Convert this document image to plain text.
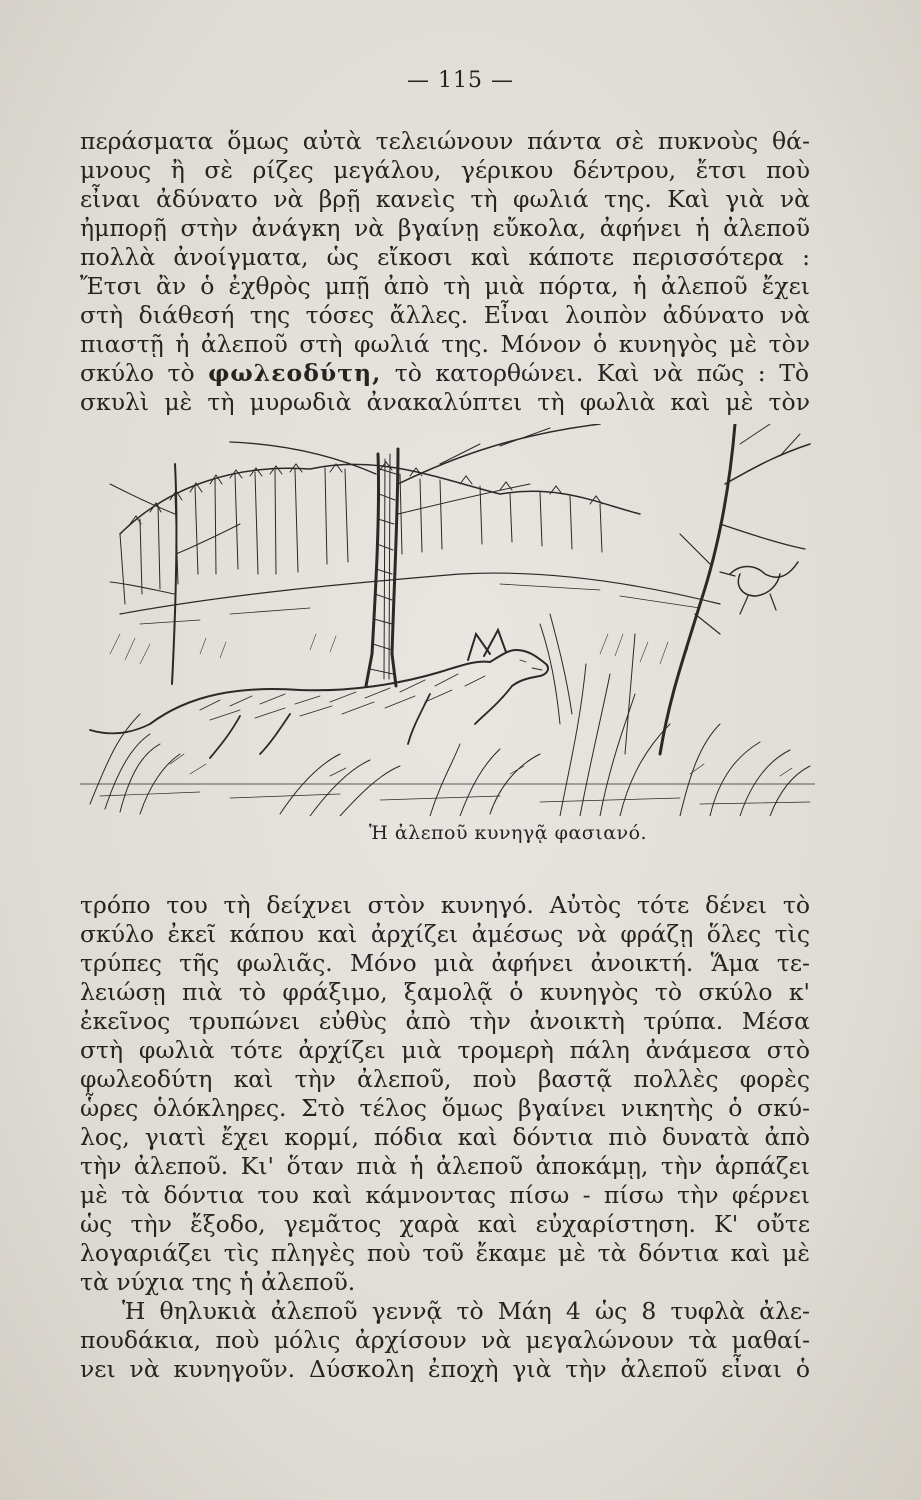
— 115 —
περάσματα ὅμως αὐτὰ τελειώνουν πάντα σὲ πυκνοὺς θά-
μνους ἢ σὲ ρίζες μεγάλου, γέρικου δέντρου, ἔτσι ποὺ
εἶναι ἀδύνατο νὰ βρῇ κανεὶς τὴ φωλιά της. Καὶ γιὰ νὰ
ἠμπορῇ στὴν ἀνάγκη νὰ βγαίνῃ εὔκολα, ἀφήνει ἡ ἀλεποῦ
πολλὰ ἀνοίγματα, ὡς εἴκοσι καὶ κάποτε περισσότερα :
Ἔτσι ἂν ὁ ἐχθρὸς μπῇ ἀπὸ τὴ μιὰ πόρτα, ἡ ἀλεποῦ ἔχει
στὴ διάθεσή της τόσες ἄλλες. Εἶναι λοιπὸν ἀδύνατο νὰ
πιαστῇ ἡ ἀλεποῦ στὴ φωλιά της. Μόνον ὁ κυνηγὸς μὲ τὸν
σκύλο τὸ φωλεοδύτη, τὸ κατορθώνει. Καὶ νὰ πῶς : Τὸ
σκυλὶ μὲ τὴ μυρωδιὰ ἀνακαλύπτει τὴ φωλιὰ καὶ μὲ τὸν
Ἡ ἀλεποῦ κυνηγᾷ φασιανό.
τρόπο του τὴ δείχνει στὸν κυνηγό. Αὐτὸς τότε δένει τὸ
σκύλο ἐκεῖ κάπου καὶ ἀρχίζει ἀμέσως νὰ φράζῃ ὅλες τὶς
τρύπες τῆς φωλιᾶς. Μόνο μιὰ ἀφήνει ἀνοικτή. Ἅμα τε-
λειώσῃ πιὰ τὸ φράξιμο, ξαμολᾷ ὁ κυνηγὸς τὸ σκύλο κ'
ἐκεῖνος τρυπώνει εὐθὺς ἀπὸ τὴν ἀνοικτὴ τρύπα. Μέσα
στὴ φωλιὰ τότε ἀρχίζει μιὰ τρομερὴ πάλη ἀνάμεσα στὸ
φωλεοδύτη καὶ τὴν ἀλεποῦ, ποὺ βαστᾷ πολλὲς φορὲς
ὧρες ὁλόκληρες. Στὸ τέλος ὅμως βγαίνει νικητὴς ὁ σκύ-
λος, γιατὶ ἔχει κορμί, πόδια καὶ δόντια πιὸ δυνατὰ ἀπὸ
τὴν ἀλεποῦ. Κι' ὅταν πιὰ ἡ ἀλεποῦ ἀποκάμῃ, τὴν ἁρπάζει
μὲ τὰ δόντια του καὶ κάμνοντας πίσω - πίσω τὴν φέρνει
ὡς τὴν ἔξοδο, γεμᾶτος χαρὰ καὶ εὐχαρίστηση. Κ' οὔτε
λογαριάζει τὶς πληγὲς ποὺ τοῦ ἔκαμε μὲ τὰ δόντια καὶ μὲ
τὰ νύχια της ἡ ἀλεποῦ.
Ἡ θηλυκιὰ ἀλεποῦ γεννᾷ τὸ Μάη 4 ὡς 8 τυφλὰ ἀλε-
πουδάκια, ποὺ μόλις ἀρχίσουν νὰ μεγαλώνουν τὰ μαθαί-
νει νὰ κυνηγοῦν. Δύσκολη ἐποχὴ γιὰ τὴν ἀλεποῦ εἶναι ὁ
